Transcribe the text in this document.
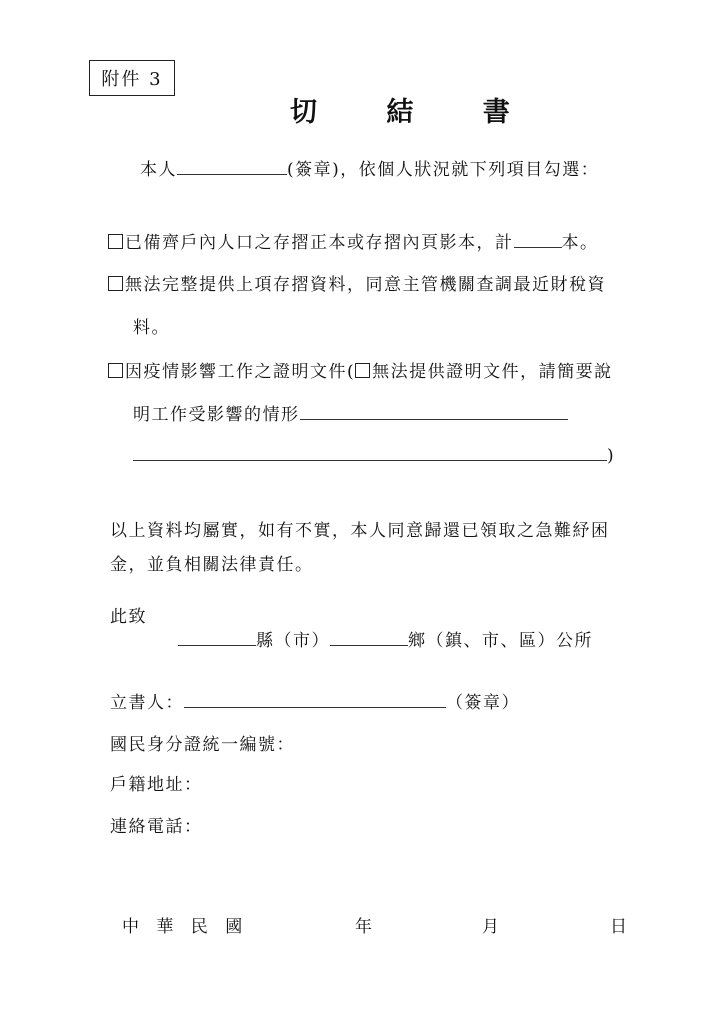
附件 3
切 結 書
本人	(簽章)，依個人狀況就下列項目勾選：
已備齊戶內人口之存摺正本或存摺內頁影本，計	本。
無法完整提供上項存摺資料，同意主管機關查調最近財稅資
料。
因疫情影響工作之證明文件( 無法提供證明文件，請簡要說
明工作受影響的情形
)
以上資料均屬實，如有不實，本人同意歸還已領取之急難紓困
金，並負相關法律責任。
此致
縣（市）	鄉（鎮、市、區）公所
立書人：	（簽章）
國民身分證統一編號：
戶籍地址：
連絡電話：
中 華 民 國	年	月	日
